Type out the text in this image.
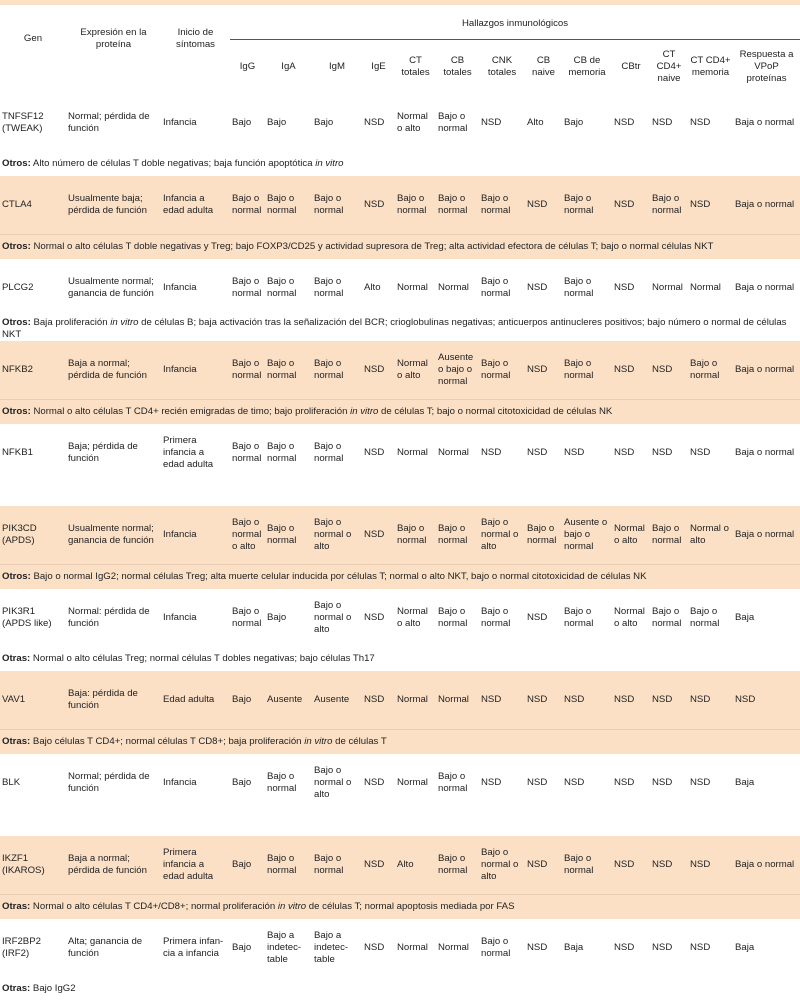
Gen	Expresión en la proteína	Inicio de síntomas	Hallazgos inmunológicos												
			IgG	IgA	IgM	IgE	CT totales	CB totales	CNK totales	CB naive	CB de memoria	CBtr	CT CD4+ naive	CT CD4+ memoria	Respuesta a VPoP proteínas
TNFSF12 (TWEAK)	Normal; pérdida de función	Infancia	Bajo	Bajo	Bajo	NSD	Normal o alto	Bajo o normal	NSD	Alto	Bajo	NSD	NSD	NSD	Baja o normal
Otros: Alto número de células T doble negativas; baja función apoptótica in vitro															
CTLA4	Usualmente baja; pérdida de función	Infancia a edad adulta	Bajo o normal	Bajo o normal	Bajo o normal	NSD	Bajo o normal	Bajo o normal	Bajo o normal	NSD	Bajo o normal	NSD	Bajo o normal	NSD	Baja o normal
Otros: Normal o alto células T doble negativas y Treg; bajo FOXP3/CD25 y actividad supresora de Treg; alta actividad efectora de células T; bajo o normal células NKT															
PLCG2	Usualmente normal; ganancia de función	Infancia	Bajo o normal	Bajo o normal	Bajo o normal	Alto	Normal	Normal	Bajo o normal	NSD	Bajo o normal	NSD	Normal	Normal	Baja o normal
Otros: Baja proliferación in vitro de células B; baja activación tras la señalización del BCR; crioglobulinas negativas; anticuerpos antinucleres positivos; bajo número o normal de células NKT															
NFKB2	Baja a normal; pérdida de función	Infancia	Bajo o normal	Bajo o normal	Bajo o normal	NSD	Normal o alto	Ausente o bajo o normal	Bajo o normal	NSD	Bajo o normal	NSD	NSD	Bajo o normal	Baja o normal
Otros: Normal o alto células T CD4+ recién emigradas de timo; bajo proliferación in vitro de células T; bajo o normal citotoxicidad de células NK															
NFKB1	Baja; pérdida de función	Primera infancia a edad adulta	Bajo o normal	Bajo o normal	Bajo o normal	NSD	Normal	Normal	NSD	NSD	NSD	NSD	NSD	NSD	Baja o normal

PIK3CD (APDS)	Usualmente normal; ganancia de función	Infancia	Bajo o normal o alto	Bajo o normal	Bajo o normal o alto	NSD	Bajo o normal	Bajo o normal	Bajo o normal o alto	Bajo o normal	Ausente o bajo o normal	Normal o alto	Bajo o normal	Normal o alto	Baja o normal
Otros: Bajo o normal IgG2; normal células Treg; alta muerte celular inducida por células T; normal o alto NKT, bajo o normal citotoxicidad de células NK															
PIK3R1 (APDS like)	Normal: pérdida de función	Infancia	Bajo o normal	Bajo	Bajo o normal o alto	NSD	Normal o alto	Bajo o normal	Bajo o normal	NSD	Bajo o normal	Normal o alto	Bajo o normal	Bajo o normal	Baja
Otras: Normal o alto células Treg; normal células T dobles negativas; bajo células Th17															
VAV1	Baja: pérdida de función	Edad adulta	Bajo	Ausente	Ausente	NSD	Normal	Normal	NSD	NSD	NSD	NSD	NSD	NSD	NSD
Otras: Bajo células T CD4+; normal células T CD8+; baja proliferación in vitro de células T															
BLK	Normal; pérdida de función	Infancia	Bajo	Bajo o normal	Bajo o normal o alto	NSD	Normal	Bajo o normal	NSD	NSD	NSD	NSD	NSD	NSD	Baja

IKZF1 (IKAROS)	Baja a normal; pérdida de función	Primera infancia a edad adulta	Bajo	Bajo o normal	Bajo o normal	NSD	Alto	Bajo o normal	Bajo o normal o alto	NSD	Bajo o normal	NSD	NSD	NSD	Baja o normal
Otras: Normal o alto células T CD4+/CD8+; normal proliferación in vitro de células T; normal apoptosis mediada por FAS															
IRF2BP2 (IRF2)	Alta; ganancia de función	Primera infan-cia a infancia	Bajo	Bajo a indetec-table	Bajo a indetec-table	NSD	Normal	Normal	Bajo o normal	NSD	Baja	NSD	NSD	NSD	Baja
Otras: Bajo IgG2															
